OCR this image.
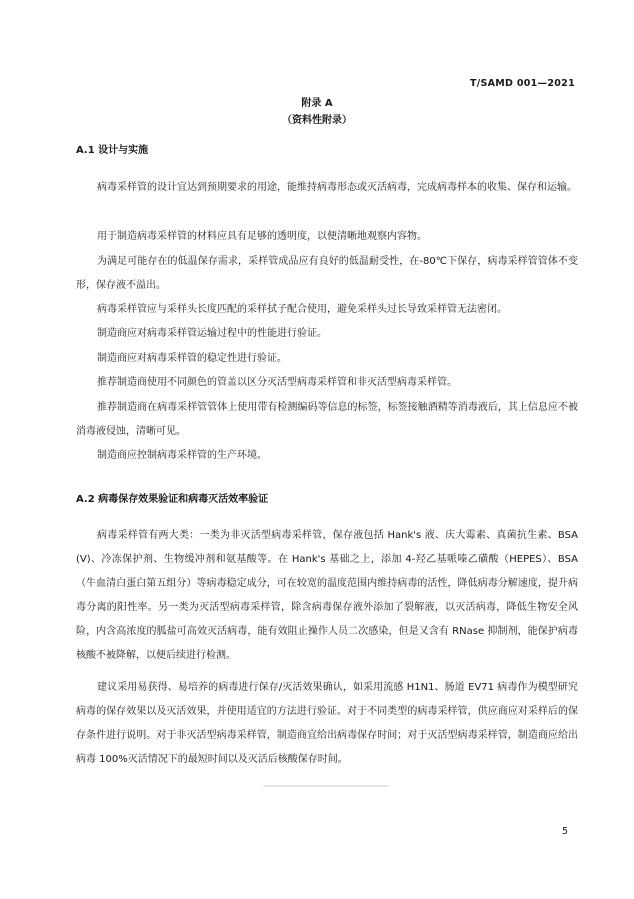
T/SAMD 001—2021
附录 A
（资料性附录）
A.1 设计与实施

病毒采样管的设计宜达到预期要求的用途，能维持病毒形态或灭活病毒，完成病毒样本的收集、保存和运输。

用于制造病毒采样管的材料应具有足够的透明度，以便清晰地观察内容物。

为满足可能存在的低温保存需求，采样管成品应有良好的低温耐受性，在-80℃下保存，病毒采样管管体不变形，保存液不溢出。

病毒采样管应与采样头长度匹配的采样拭子配合使用，避免采样头过长导致采样管无法密闭。

制造商应对病毒采样管运输过程中的性能进行验证。

制造商应对病毒采样管的稳定性进行验证。

推荐制造商使用不同颜色的管盖以区分灭活型病毒采样管和非灭活型病毒采样管。

推荐制造商在病毒采样管管体上使用带有检测编码等信息的标签，标签接触酒精等消毒液后，其上信息应不被消毒液侵蚀，清晰可见。

制造商应控制病毒采样管的生产环境。

A.2 病毒保存效果验证和病毒灭活效率验证

病毒采样管有两大类：一类为非灭活型病毒采样管，保存液包括 Hank's 液、庆大霉素、真菌抗生素、BSA (V)、冷冻保护剂、生物缓冲剂和氨基酸等。在 Hank's 基础之上，添加 4-羟乙基哌嗪乙磺酸（HEPES）、BSA（牛血清白蛋白第五组分）等病毒稳定成分，可在较宽的温度范围内维持病毒的活性，降低病毒分解速度，提升病毒分离的阳性率。另一类为灭活型病毒采样管，除含病毒保存液外添加了裂解液，以灭活病毒，降低生物安全风险，内含高浓度的胍盐可高效灭活病毒，能有效阻止操作人员二次感染，但是又含有 RNase 抑制剂，能保护病毒核酸不被降解，以便后续进行检测。

建议采用易获得、易培养的病毒进行保存/灭活效果确认，如采用流感 H1N1、肠道 EV71 病毒作为模型研究病毒的保存效果以及灭活效果，并使用适宜的方法进行验证。对于不同类型的病毒采样管，供应商应对采样后的保存条件进行说明。对于非灭活型病毒采样管，制造商宜给出病毒保存时间；对于灭活型病毒采样管，制造商应给出病毒 100%灭活情况下的最短时间以及灭活后核酸保存时间。

5
